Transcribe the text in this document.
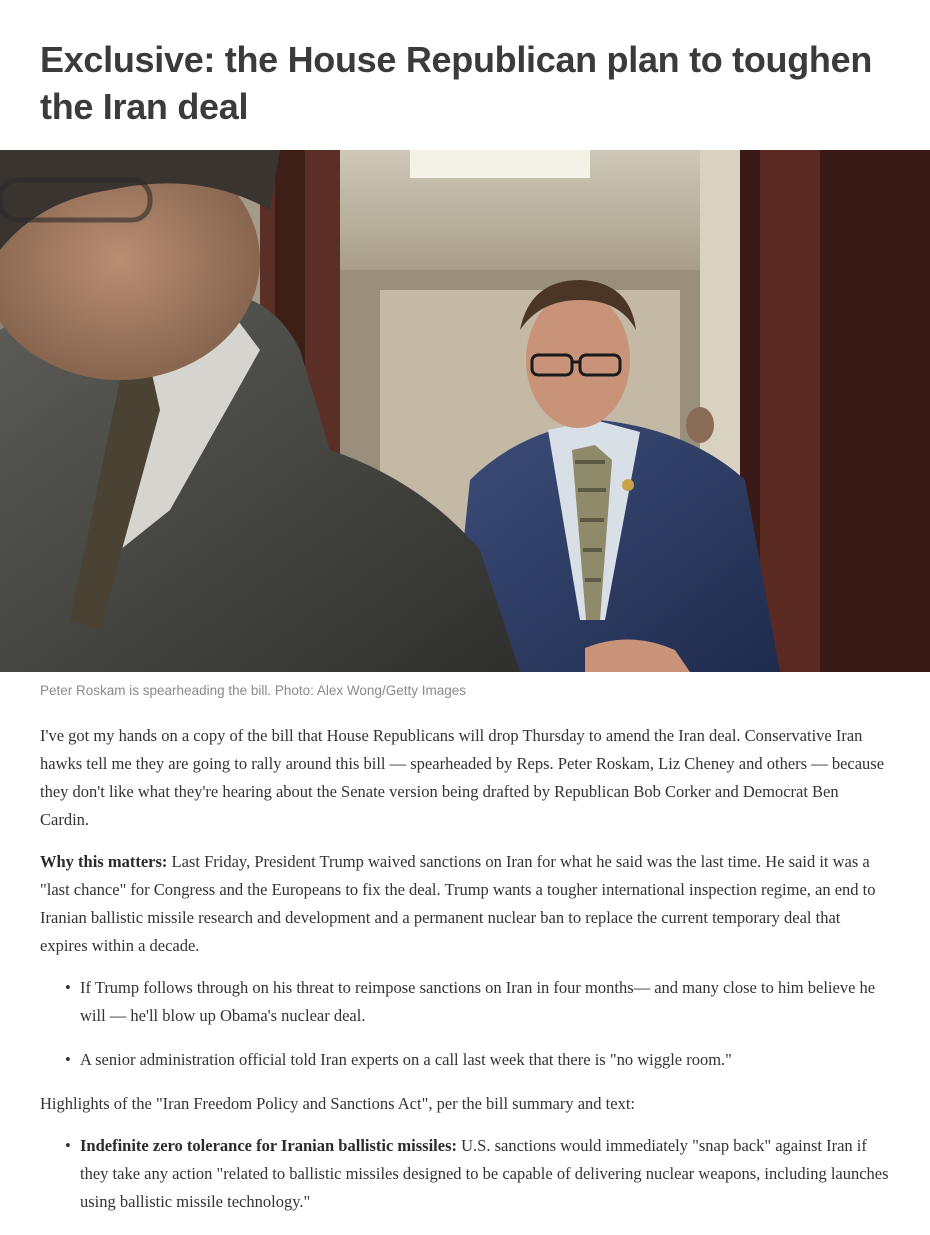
Exclusive: the House Republican plan to toughen the Iran deal

Peter Roskam is spearheading the bill. Photo: Alex Wong/Getty Images

I've got my hands on a copy of the bill that House Republicans will drop Thursday to amend the Iran deal. Conservative Iran hawks tell me they are going to rally around this bill — spearheaded by Reps. Peter Roskam, Liz Cheney and others — because they don't like what they're hearing about the Senate version being drafted by Republican Bob Corker and Democrat Ben Cardin.

Why this matters: Last Friday, President Trump waived sanctions on Iran for what he said was the last time. He said it was a "last chance" for Congress and the Europeans to fix the deal. Trump wants a tougher international inspection regime, an end to Iranian ballistic missile research and development and a permanent nuclear ban to replace the current temporary deal that expires within a decade.

• If Trump follows through on his threat to reimpose sanctions on Iran in four months— and many close to him believe he will — he'll blow up Obama's nuclear deal.
• A senior administration official told Iran experts on a call last week that there is "no wiggle room."

Highlights of the "Iran Freedom Policy and Sanctions Act", per the bill summary and text:

• Indefinite zero tolerance for Iranian ballistic missiles: U.S. sanctions would immediately "snap back" against Iran if they take any action "related to ballistic missiles designed to be capable of delivering nuclear weapons, including launches using ballistic missile technology."
